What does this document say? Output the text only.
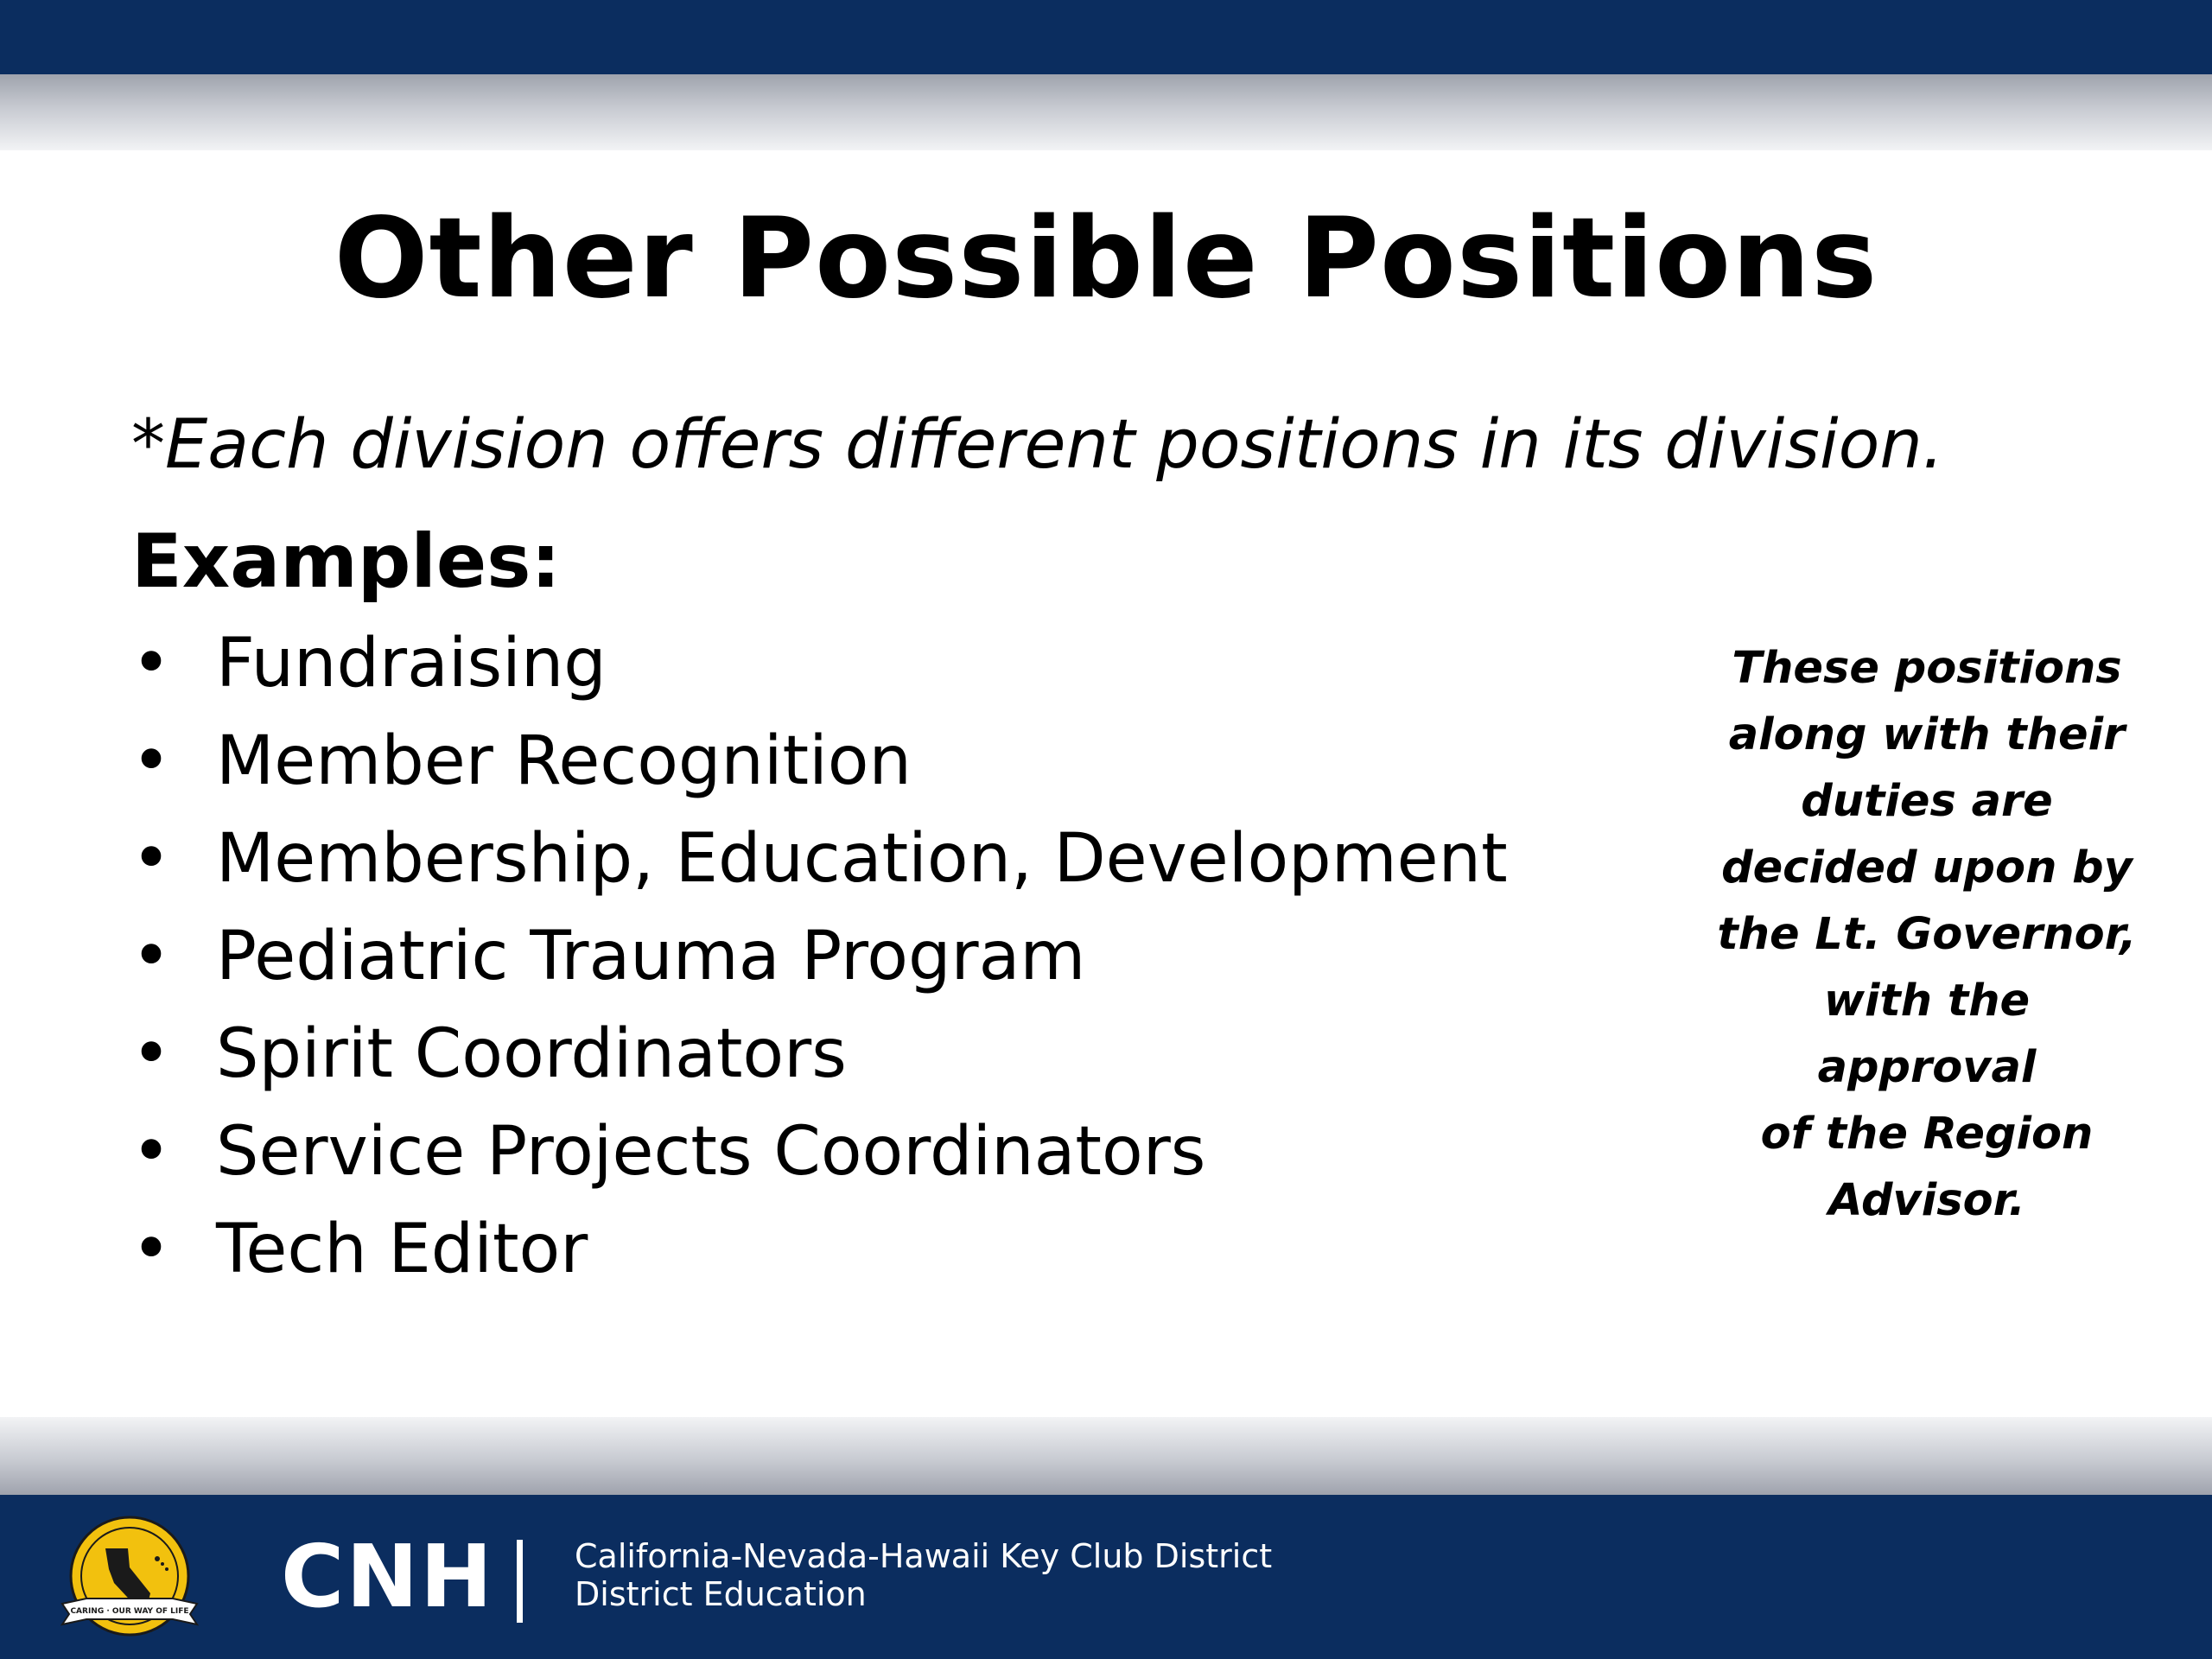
Other Possible Positions

*Each division offers different positions in its division.

Examples:
• Fundraising
• Member Recognition
• Membership, Education, Development
• Pediatric Trauma Program
• Spirit Coordinators
• Service Projects Coordinators
• Tech Editor
These positions
along with their
duties are
decided upon by
the Lt. Governor,
with the approval
of the Region
Advisor.
CARING · OUR WAY OF LIFE CNH California-Nevada-Hawaii Key Club District
District Education
